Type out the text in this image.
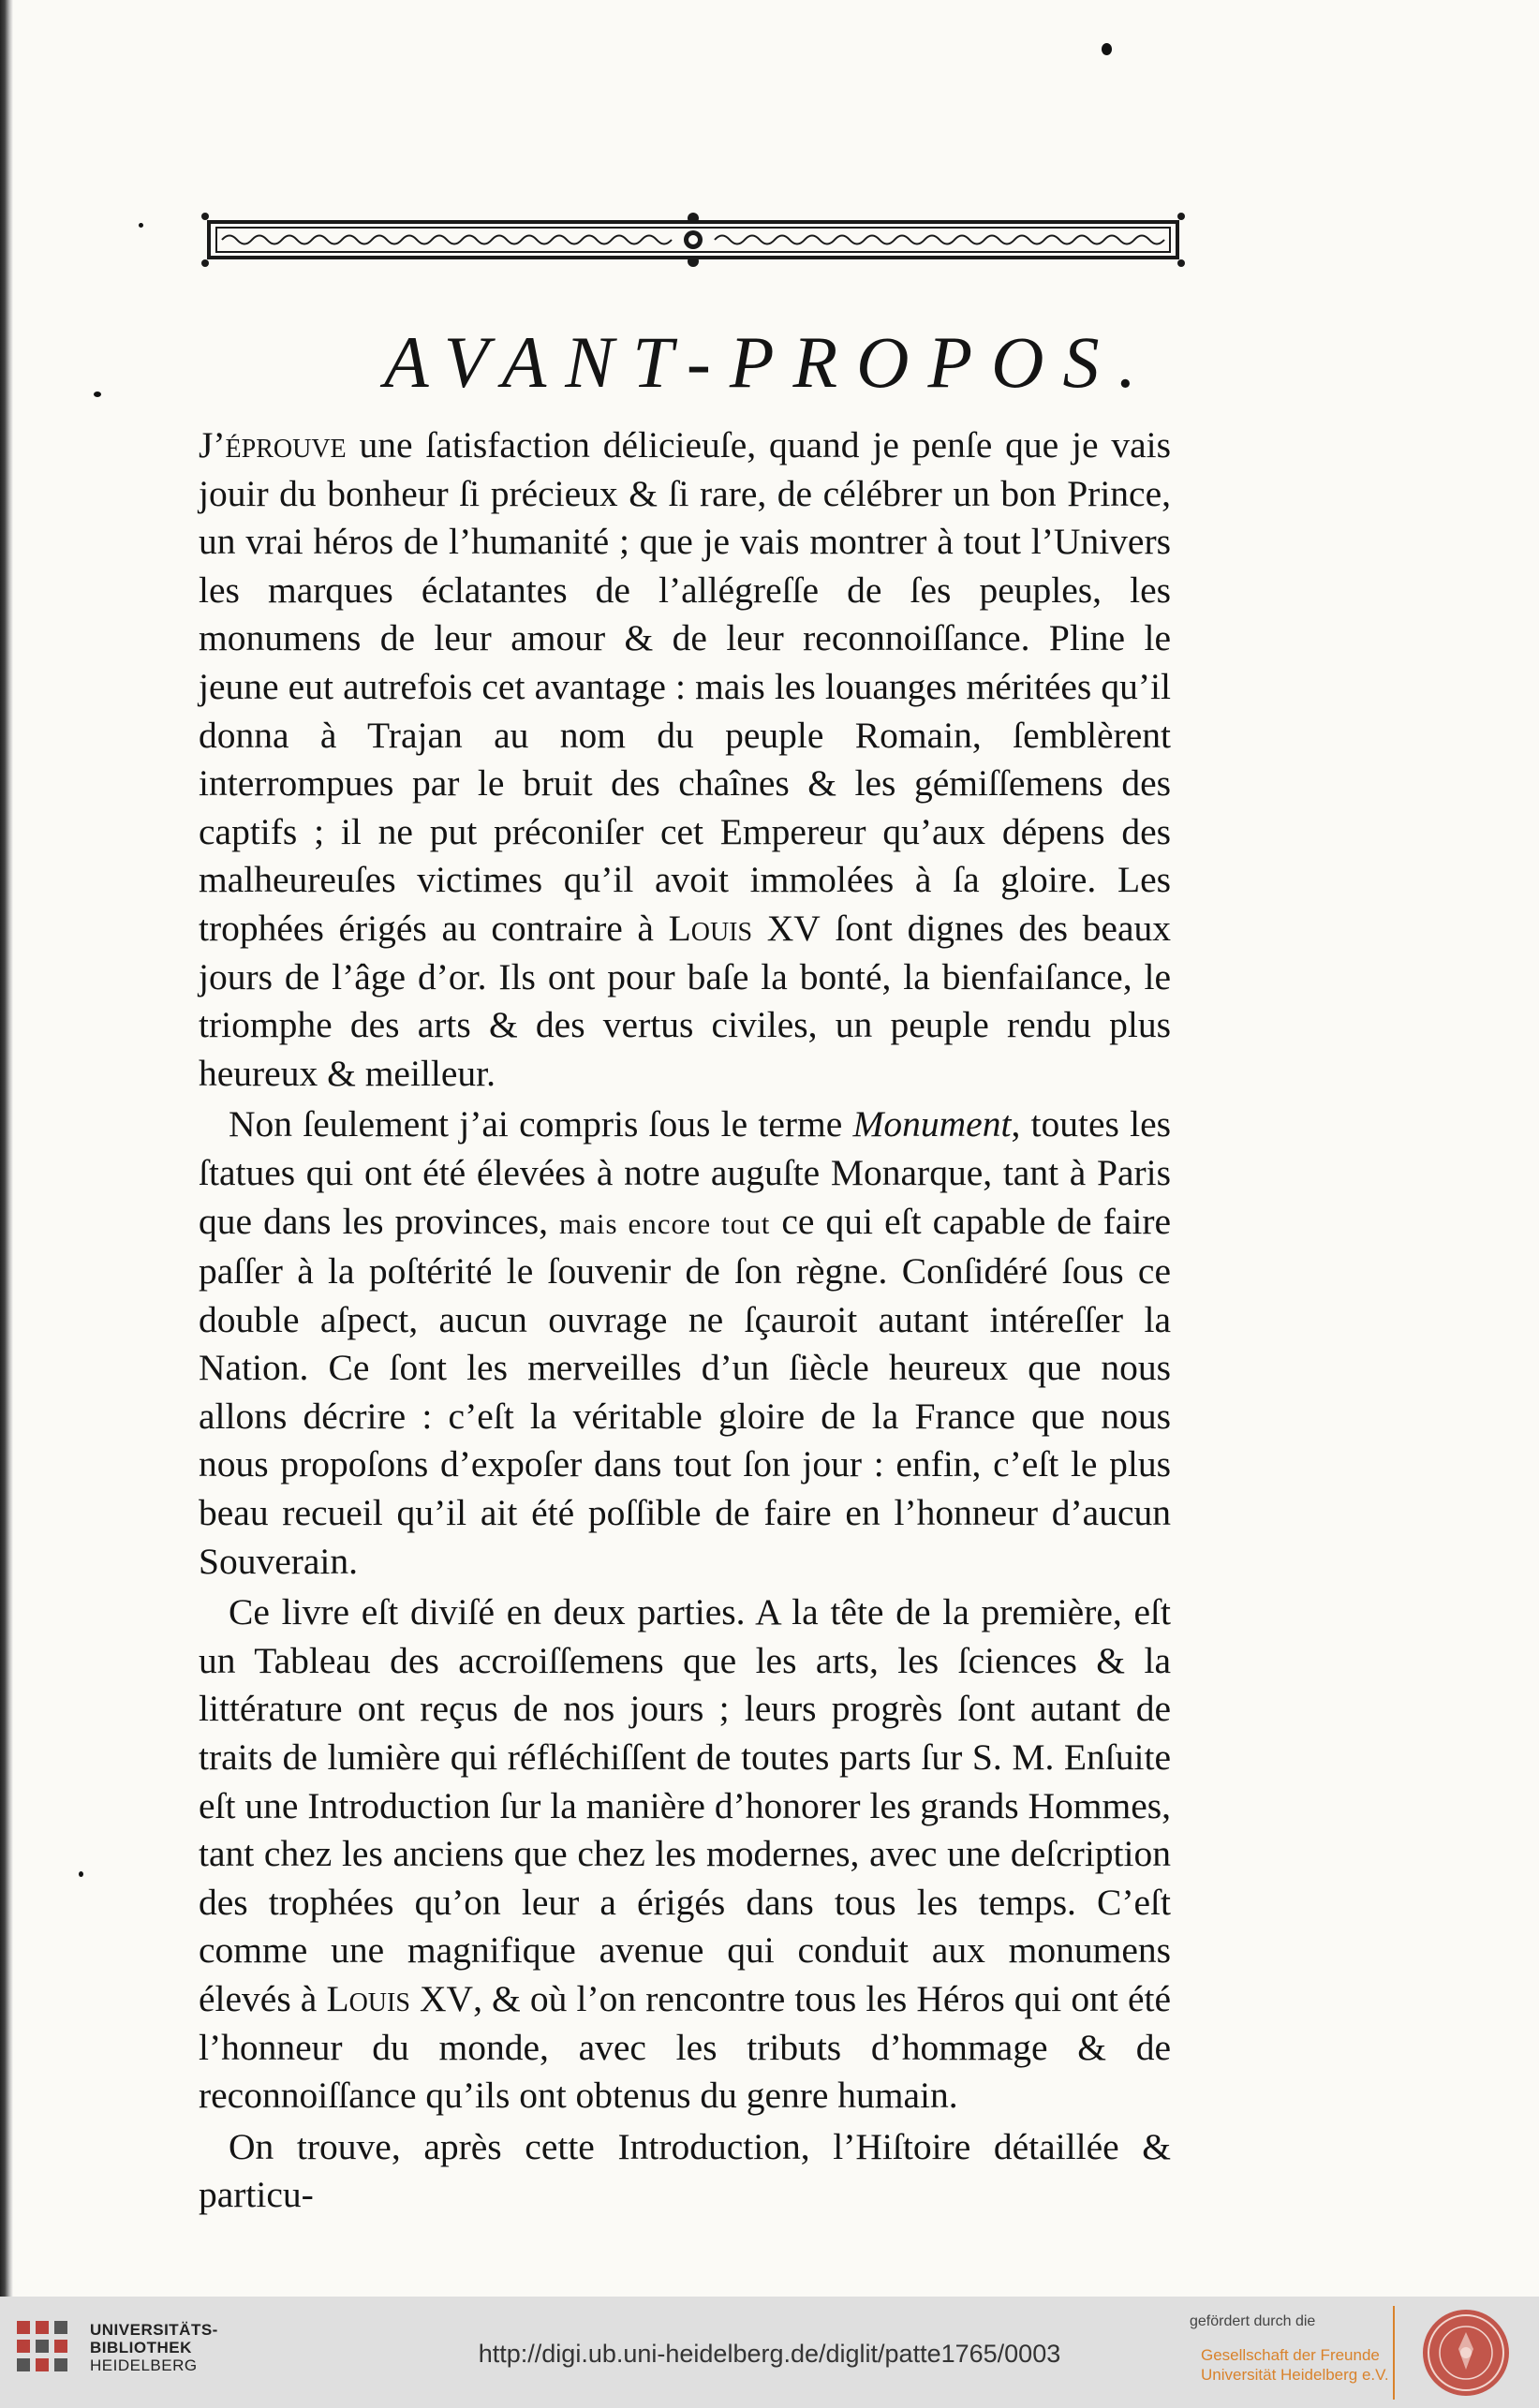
AVANT-PROPOS.

J’éprouve une ſatisfaction délicieuſe, quand je penſe que je vais jouir du bonheur ſi précieux & ſi rare, de célébrer un bon Prince, un vrai héros de l’humanité ; que je vais montrer à tout l’Univers les marques éclatantes de l’allégreſſe de ſes peuples, les monumens de leur amour & de leur reconnoiſſance. Pline le jeune eut autrefois cet avantage : mais les louanges méritées qu’il donna à Trajan au nom du peuple Romain, ſemblèrent interrompues par le bruit des chaînes & les gémiſſemens des captifs ; il ne put préconiſer cet Empereur qu’aux dépens des malheureuſes victimes qu’il avoit immolées à ſa gloire. Les trophées érigés au contraire à Louis XV ſont dignes des beaux jours de l’âge d’or. Ils ont pour baſe la bonté, la bienfaiſance, le triomphe des arts & des vertus civiles, un peuple rendu plus heureux & meilleur.

Non ſeulement j’ai compris ſous le terme Monument, toutes les ſtatues qui ont été élevées à notre auguſte Monarque, tant à Paris que dans les provinces, mais encore tout ce qui eſt capable de faire paſſer à la poſtérité le ſouvenir de ſon règne. Conſidéré ſous ce double aſpect, aucun ouvrage ne ſçauroit autant intéreſſer la Nation. Ce ſont les merveilles d’un ſiècle heureux que nous allons décrire : c’eſt la véritable gloire de la France que nous nous propoſons d’expoſer dans tout ſon jour : enfin, c’eſt le plus beau recueil qu’il ait été poſſible de faire en l’honneur d’aucun Souverain.

Ce livre eſt diviſé en deux parties. A la tête de la première, eſt un Tableau des accroiſſemens que les arts, les ſciences & la littérature ont reçus de nos jours ; leurs progrès ſont autant de traits de lumière qui réfléchiſſent de toutes parts ſur S. M. Enſuite eſt une Introduction ſur la manière d’honorer les grands Hommes, tant chez les anciens que chez les modernes, avec une deſcription des trophées qu’on leur a érigés dans tous les temps. C’eſt comme une magnifique avenue qui conduit aux monumens élevés à Louis XV, & où l’on rencontre tous les Héros qui ont été l’honneur du monde, avec les tributs d’hommage & de reconnoiſſance qu’ils ont obtenus du genre humain.

On trouve, après cette Introduction, l’Hiſtoire détaillée & particu-

UNIVERSITÄTS-
BIBLIOTHEK
HEIDELBERG	http://digi.ub.uni-heidelberg.de/diglit/patte1765/0003
gefördert durch die
Gesellschaft der Freunde
Universität Heidelberg e.V.
